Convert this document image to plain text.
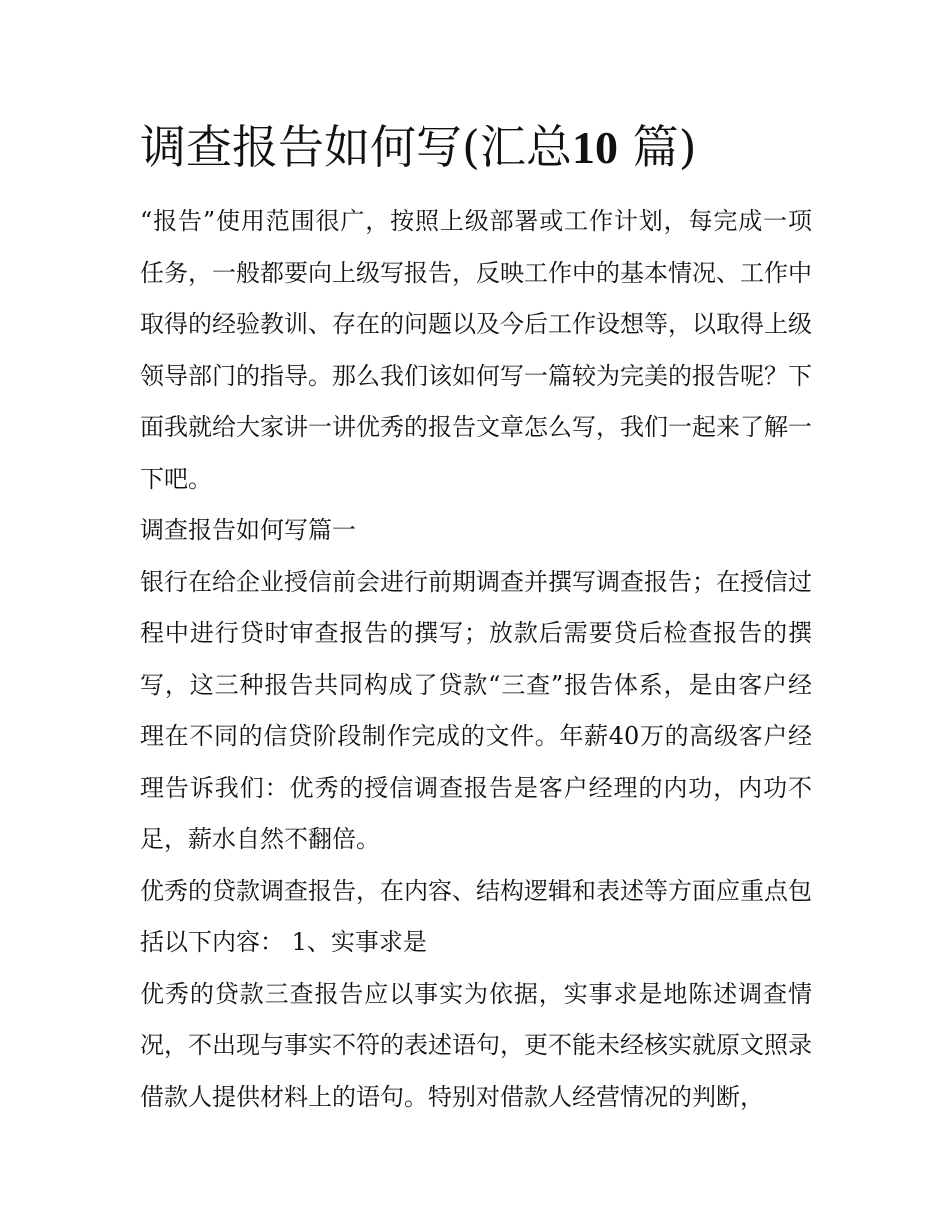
调查报告如何写(汇总10 篇)

“报告”使用范围很广，按照上级部署或工作计划，每完成一项任务，一般都要向上级写报告，反映工作中的基本情况、工作中取得的经验教训、存在的问题以及今后工作设想等，以取得上级领导部门的指导。那么我们该如何写一篇较为完美的报告呢？下面我就给大家讲一讲优秀的报告文章怎么写，我们一起来了解一下吧。

调查报告如何写篇一

银行在给企业授信前会进行前期调查并撰写调查报告；在授信过程中进行贷时审查报告的撰写；放款后需要贷后检查报告的撰写，这三种报告共同构成了贷款“三查”报告体系，是由客户经理在不同的信贷阶段制作完成的文件。年薪40万的高级客户经理告诉我们：优秀的授信调查报告是客户经理的内功，内功不足，薪水自然不翻倍。

优秀的贷款调查报告，在内容、结构逻辑和表述等方面应重点包括以下内容： 1、实事求是

优秀的贷款三查报告应以事实为依据，实事求是地陈述调查情况，不出现与事实不符的表述语句，更不能未经核实就原文照录借款人提供材料上的语句。特别对借款人经营情况的判断，
